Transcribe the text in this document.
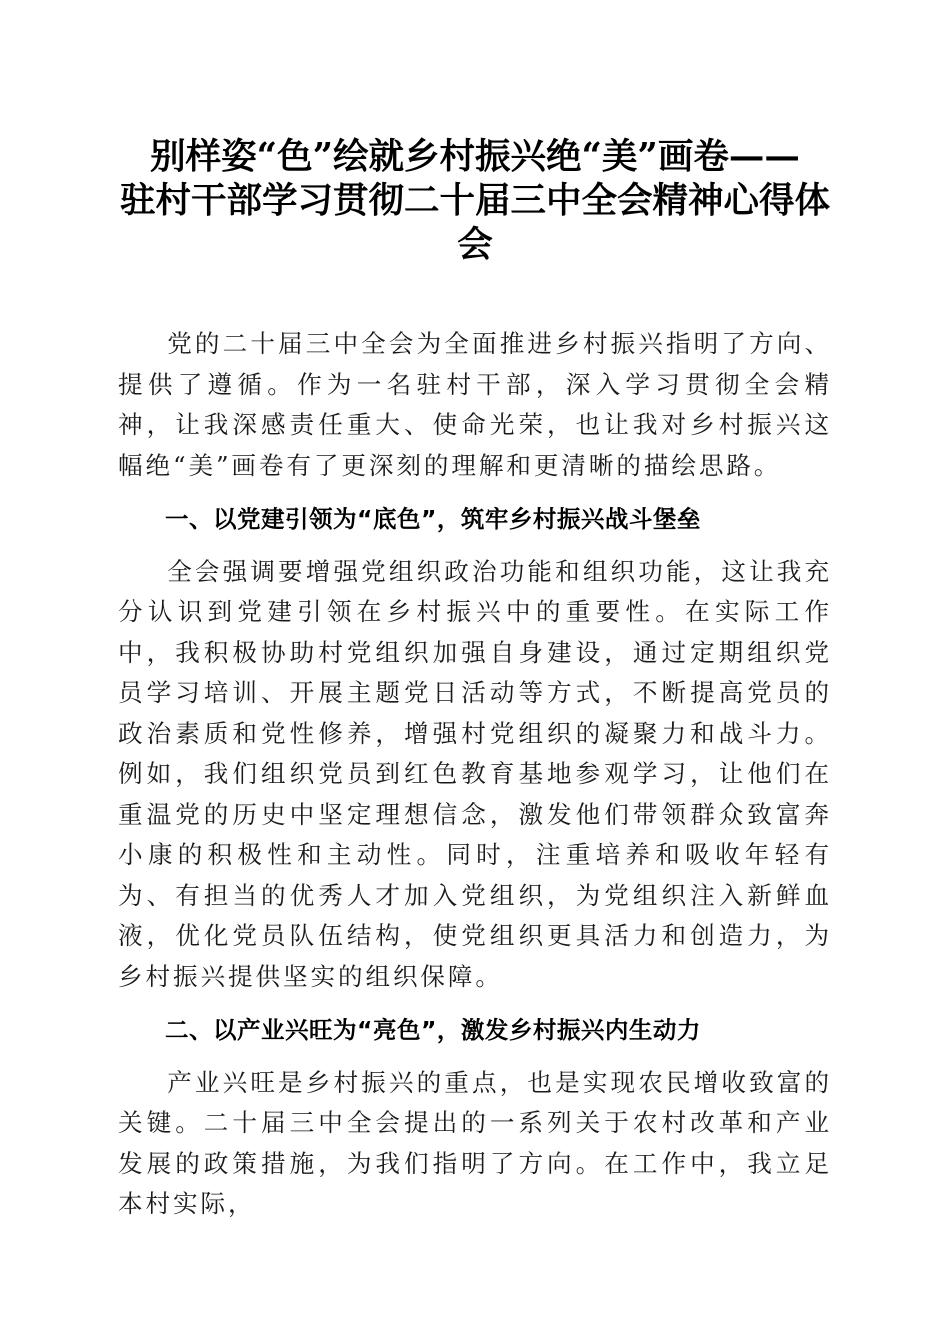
别样姿“色”绘就乡村振兴绝“美”画卷——
驻村干部学习贯彻二十届三中全会精神心得体
会

党的二十届三中全会为全面推进乡村振兴指明了方向、提供了遵循。作为一名驻村干部，深入学习贯彻全会精神，让我深感责任重大、使命光荣，也让我对乡村振兴这幅绝“美”画卷有了更深刻的理解和更清晰的描绘思路。

一、以党建引领为“底色”，筑牢乡村振兴战斗堡垒

全会强调要增强党组织政治功能和组织功能，这让我充分认识到党建引领在乡村振兴中的重要性。在实际工作中，我积极协助村党组织加强自身建设，通过定期组织党员学习培训、开展主题党日活动等方式，不断提高党员的政治素质和党性修养，增强村党组织的凝聚力和战斗力。例如，我们组织党员到红色教育基地参观学习，让他们在重温党的历史中坚定理想信念，激发他们带领群众致富奔小康的积极性和主动性。同时，注重培养和吸收年轻有为、有担当的优秀人才加入党组织，为党组织注入新鲜血液，优化党员队伍结构，使党组织更具活力和创造力，为乡村振兴提供坚实的组织保障。

二、以产业兴旺为“亮色”，激发乡村振兴内生动力

产业兴旺是乡村振兴的重点，也是实现农民增收致富的关键。二十届三中全会提出的一系列关于农村改革和产业发展的政策措施，为我们指明了方向。在工作中，我立足本村实际，
